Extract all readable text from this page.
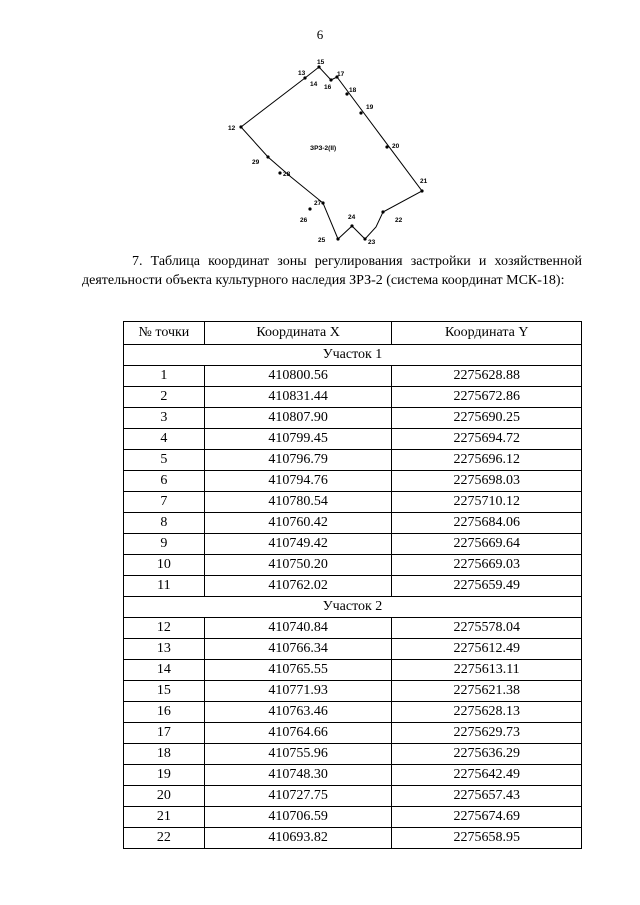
6
ЗРЗ-2(II)
12
13
14
15
16
17
18
19
20
21
22
23
24
25
26
27
28
29
7. Таблица координат зоны регулирования застройки и хозяйственной деятельности объекта культурного наследия ЗРЗ-2 (система координат МСК-18):
№ точки	Координата X	Координата Y
Участок 1		
1	410800.56	2275628.88
2	410831.44	2275672.86
3	410807.90	2275690.25
4	410799.45	2275694.72
5	410796.79	2275696.12
6	410794.76	2275698.03
7	410780.54	2275710.12
8	410760.42	2275684.06
9	410749.42	2275669.64
10	410750.20	2275669.03
11	410762.02	2275659.49
Участок 2		
12	410740.84	2275578.04
13	410766.34	2275612.49
14	410765.55	2275613.11
15	410771.93	2275621.38
16	410763.46	2275628.13
17	410764.66	2275629.73
18	410755.96	2275636.29
19	410748.30	2275642.49
20	410727.75	2275657.43
21	410706.59	2275674.69
22	410693.82	2275658.95
